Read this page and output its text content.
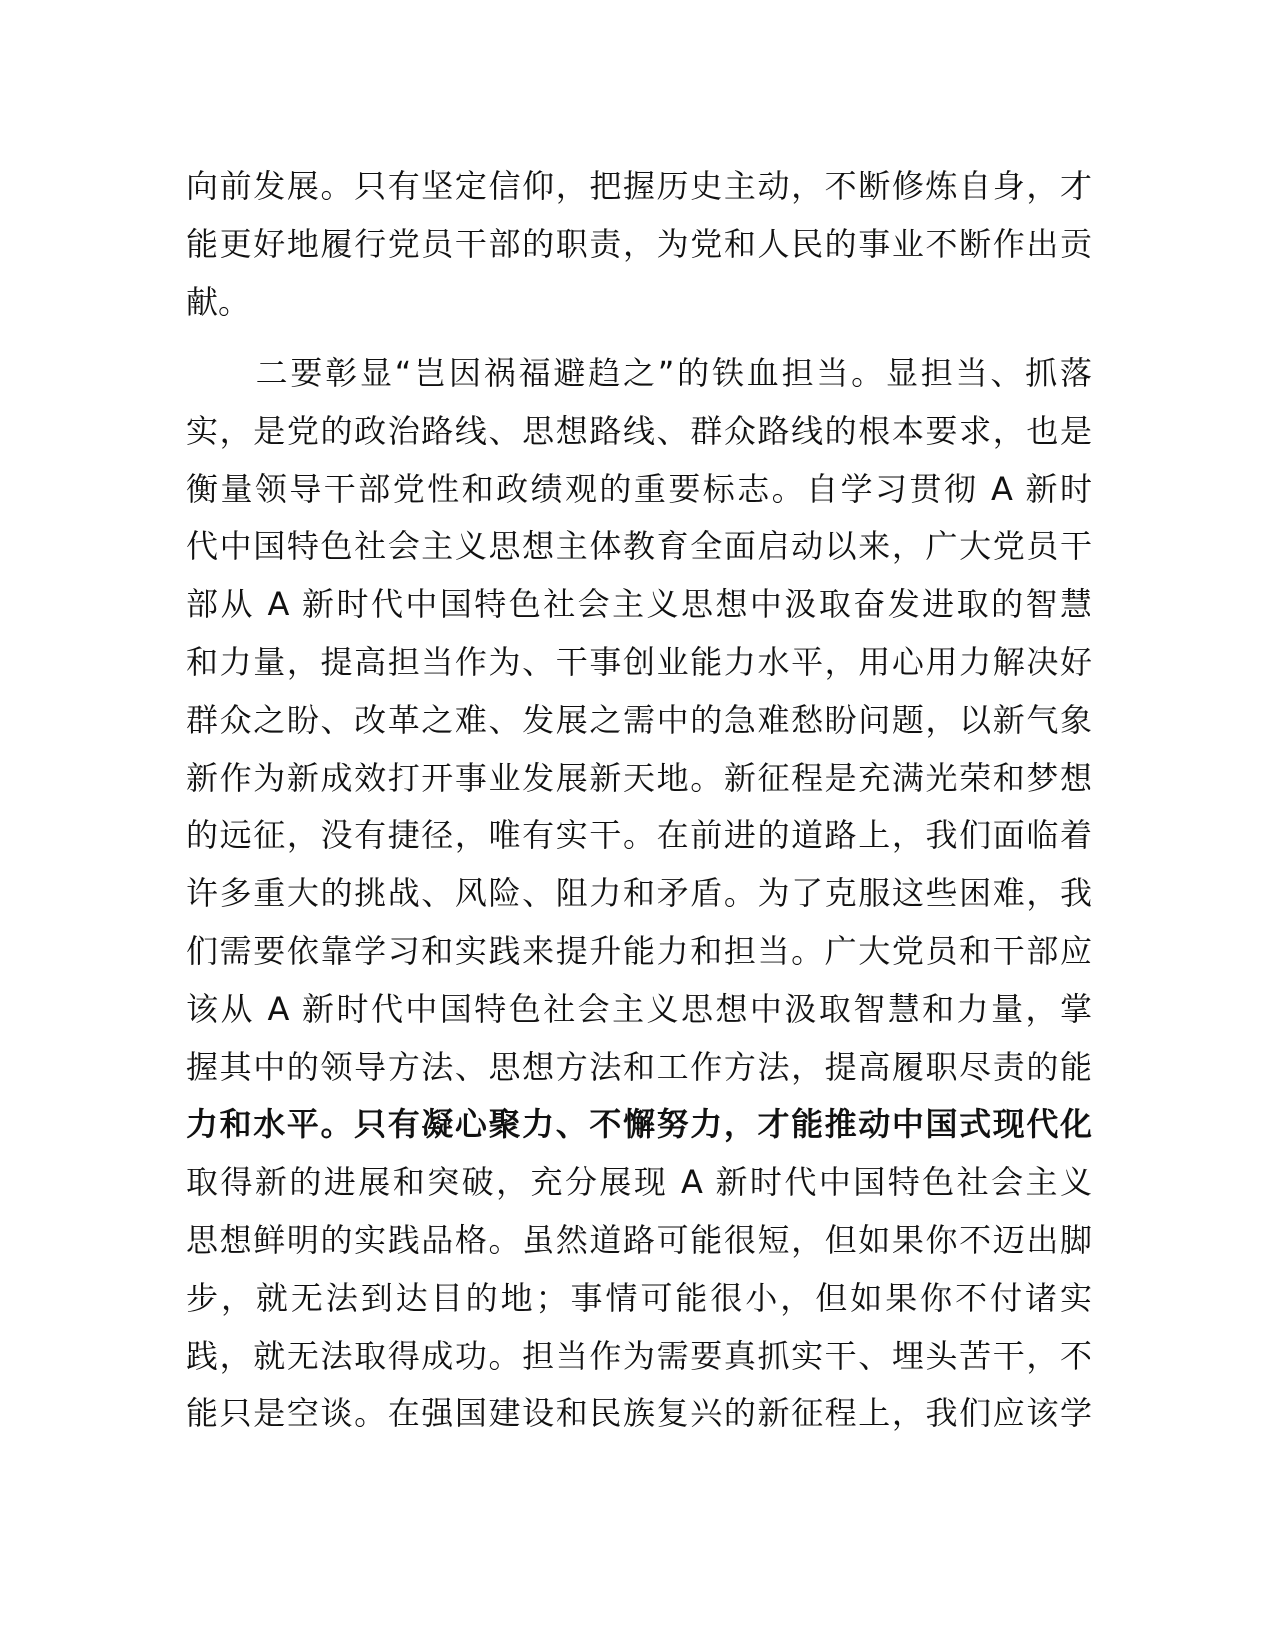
向前发展。只有坚定信仰，把握历史主动，不断修炼自身，才
能更好地履行党员干部的职责，为党和人民的事业不断作出贡
献。
　　二要彰显“岂因祸福避趋之”的铁血担当。显担当、抓落
实，是党的政治路线、思想路线、群众路线的根本要求，也是
衡量领导干部党性和政绩观的重要标志。自学习贯彻 A 新时
代中国特色社会主义思想主体教育全面启动以来，广大党员干
部从 A 新时代中国特色社会主义思想中汲取奋发进取的智慧
和力量，提高担当作为、干事创业能力水平，用心用力解决好
群众之盼、改革之难、发展之需中的急难愁盼问题，以新气象
新作为新成效打开事业发展新天地。新征程是充满光荣和梦想
的远征，没有捷径，唯有实干。在前进的道路上，我们面临着
许多重大的挑战、风险、阻力和矛盾。为了克服这些困难，我
们需要依靠学习和实践来提升能力和担当。广大党员和干部应
该从 A 新时代中国特色社会主义思想中汲取智慧和力量，掌
握其中的领导方法、思想方法和工作方法，提高履职尽责的能
力和水平。只有凝心聚力、不懈努力，才能推动中国式现代化
取得新的进展和突破，充分展现 A 新时代中国特色社会主义
思想鲜明的实践品格。虽然道路可能很短，但如果你不迈出脚
步，就无法到达目的地；事情可能很小，但如果你不付诸实
践，就无法取得成功。担当作为需要真抓实干、埋头苦干，不
能只是空谈。在强国建设和民族复兴的新征程上，我们应该学
